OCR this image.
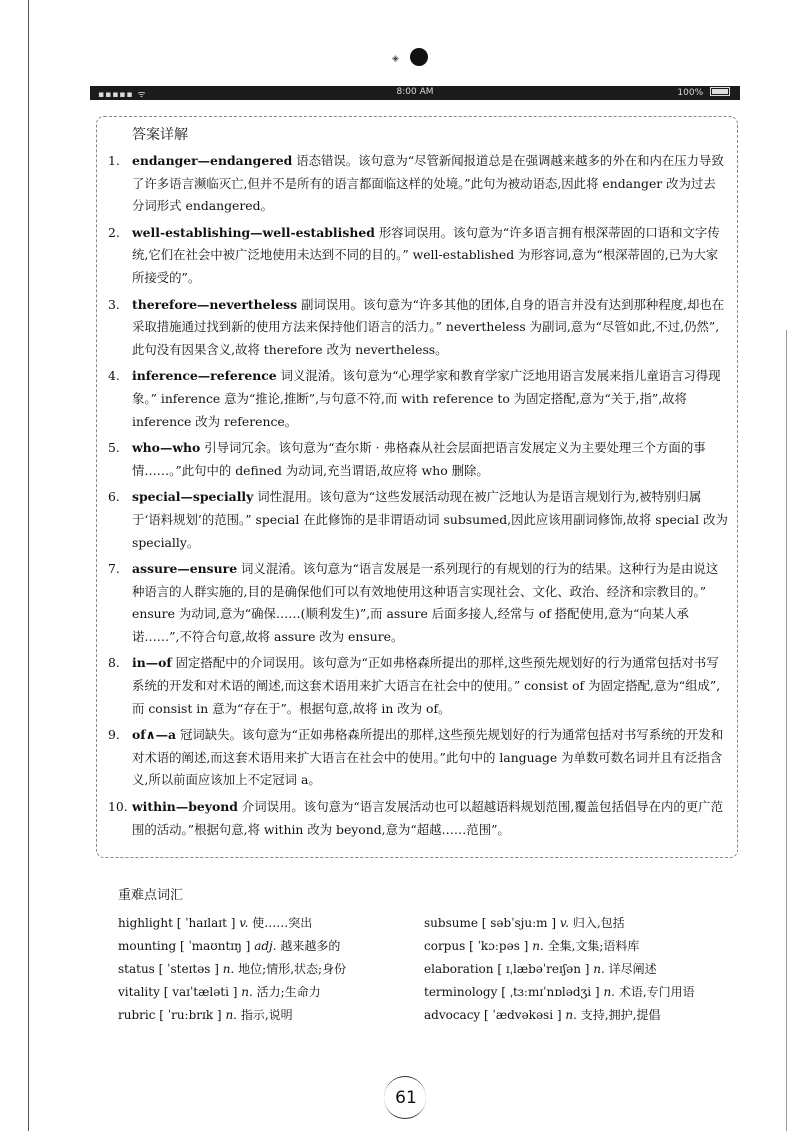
◈
▪▪▪▪▪ ᯤ	8:00 AM	100%
答案详解
1. endanger—endangered 语态错误。该句意为“尽管新闻报道总是在强调越来越多的外在和内在压力导致了许多语言濒临灭亡,但并不是所有的语言都面临这样的处境。”此句为被动语态,因此将 endanger 改为过去分词形式 endangered。
2. well-establishing—well-established 形容词误用。该句意为“许多语言拥有根深蒂固的口语和文字传统,它们在社会中被广泛地使用未达到不同的目的。” well-established 为形容词,意为“根深蒂固的,已为大家所接受的”。
3. therefore—nevertheless 副词误用。该句意为“许多其他的团体,自身的语言并没有达到那种程度,却也在采取措施通过找到新的使用方法来保持他们语言的活力。” nevertheless 为副词,意为“尽管如此,不过,仍然”,此句没有因果含义,故将 therefore 改为 nevertheless。
4. inference—reference 词义混淆。该句意为“心理学家和教育学家广泛地用语言发展来指儿童语言习得现象。” inference 意为“推论,推断”,与句意不符,而 with reference to 为固定搭配,意为“关于,指”,故将 inference 改为 reference。
5. who—who 引导词冗余。该句意为“查尔斯 · 弗格森从社会层面把语言发展定义为主要处理三个方面的事情……。”此句中的 defined 为动词,充当谓语,故应将 who 删除。
6. special—specially 词性混用。该句意为“这些发展活动现在被广泛地认为是语言规划行为,被特别归属于‘语料规划’的范围。” special 在此修饰的是非谓语动词 subsumed,因此应该用副词修饰,故将 special 改为 specially。
7. assure—ensure 词义混淆。该句意为“语言发展是一系列现行的有规划的行为的结果。这种行为是由说这种语言的人群实施的,目的是确保他们可以有效地使用这种语言实现社会、文化、政治、经济和宗教目的。” ensure 为动词,意为“确保……(顺利发生)”,而 assure 后面多接人,经常与 of 搭配使用,意为“向某人承诺……”,不符合句意,故将 assure 改为 ensure。
8. in—of 固定搭配中的介词误用。该句意为“正如弗格森所提出的那样,这些预先规划好的行为通常包括对书写系统的开发和对术语的阐述,而这套术语用来扩大语言在社会中的使用。” consist of 为固定搭配,意为“组成”,而 consist in 意为“存在于”。根据句意,故将 in 改为 of。
9. of∧—a 冠词缺失。该句意为“正如弗格森所提出的那样,这些预先规划好的行为通常包括对书写系统的开发和对术语的阐述,而这套术语用来扩大语言在社会中的使用。”此句中的 language 为单数可数名词并且有泛指含义,所以前面应该加上不定冠词 a。
10. within—beyond 介词误用。该句意为“语言发展活动也可以超越语料规划范围,覆盖包括倡导在内的更广范围的活动。”根据句意,将 within 改为 beyond,意为“超越……范围”。
重难点词汇
highlight [ ˈhaɪlaɪt ] v. 使……突出
mounting [ ˈmaʊntɪŋ ] adj. 越来越多的
status [ ˈsteɪtəs ] n. 地位;情形,状态;身份
vitality [ vaɪˈtæləti ] n. 活力;生命力
rubric [ ˈruːbrɪk ] n. 指示,说明
subsume [ səbˈsjuːm ] v. 归入,包括
corpus [ ˈkɔːpəs ] n. 全集,文集;语料库
elaboration [ ɪˌlæbəˈreɪʃən ] n. 详尽阐述
terminology [ ˌtɜːmɪˈnɒlədʒi ] n. 术语,专门用语
advocacy [ ˈædvəkəsi ] n. 支持,拥护,提倡
61
